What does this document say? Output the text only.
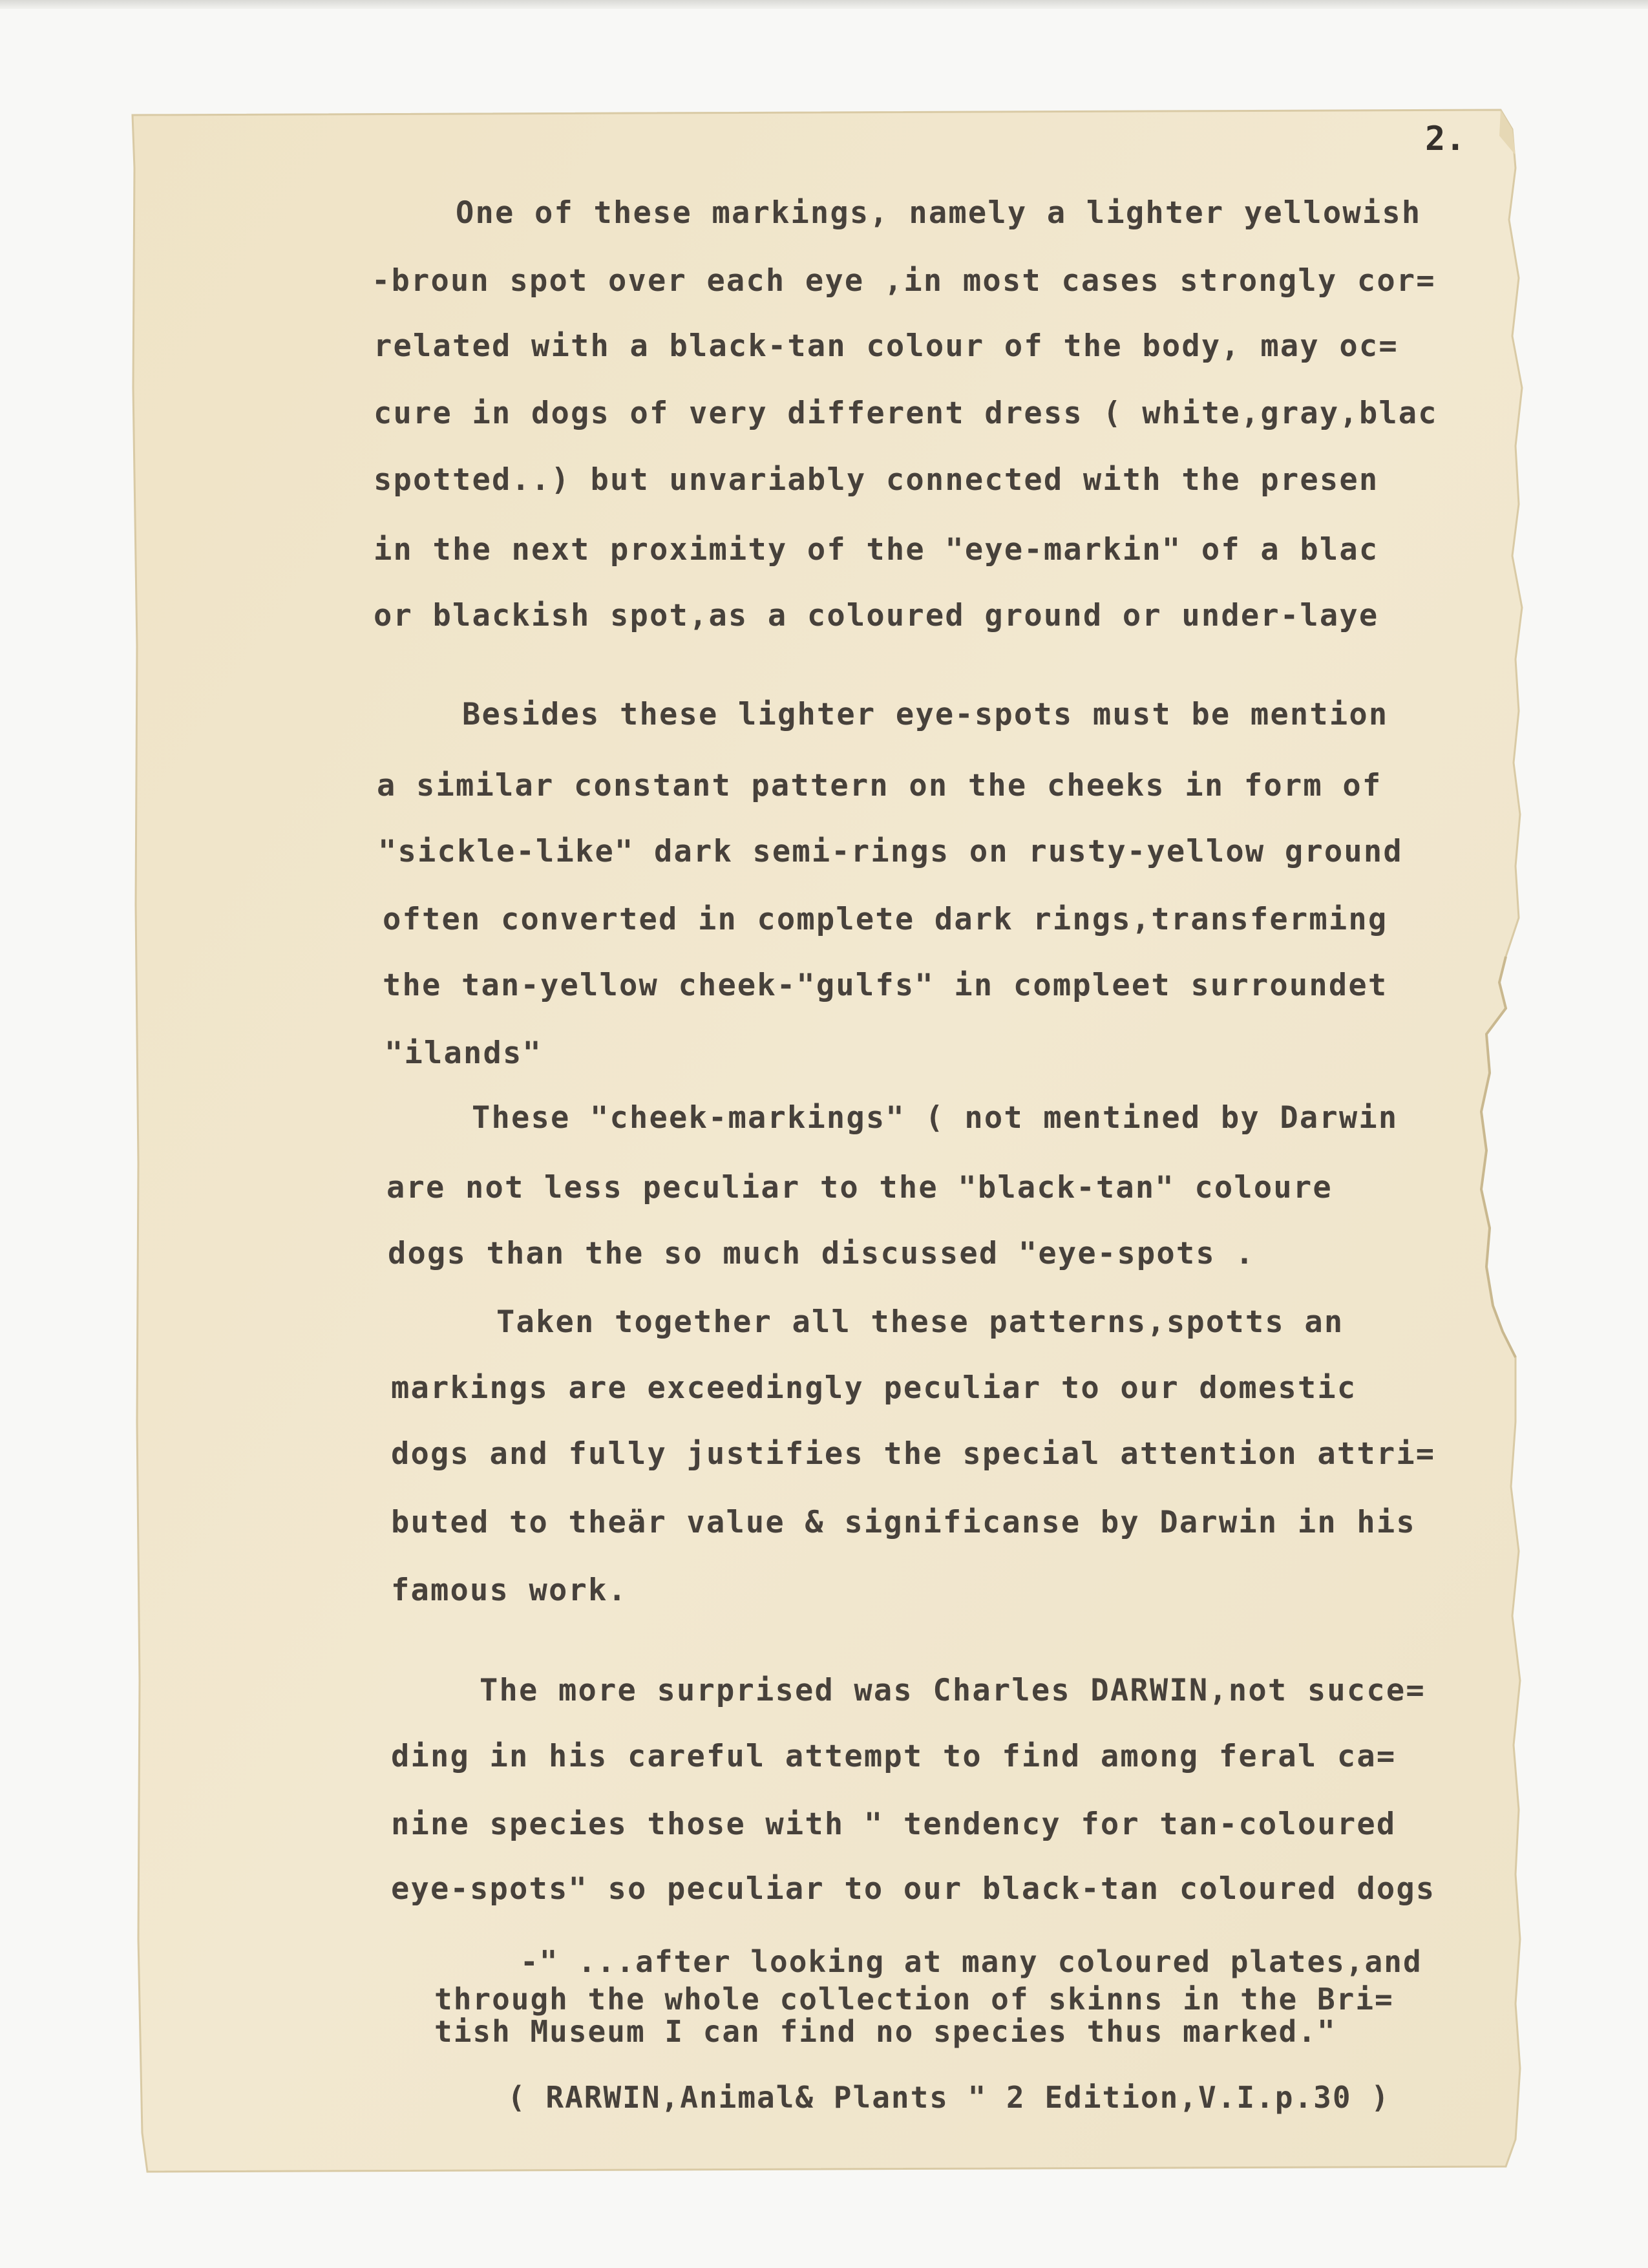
2.
One of these markings, namely a lighter yellowish
-broun spot over each eye ,in most cases strongly cor=
related with a black-tan colour of the body, may oc=
cure in dogs of very different dress ( white,gray,blac
spotted..) but unvariably connected with the presen
in the next proximity of the "eye-markin" of a blac
or blackish spot,as a coloured ground or under-laye
Besides these lighter eye-spots must be mention
a similar constant pattern on the cheeks in form of
"sickle-like" dark semi-rings on rusty-yellow ground
often converted in complete dark rings,transferming
the tan-yellow cheek-"gulfs" in compleet surroundet
"ilands"
These "cheek-markings" ( not mentined by Darwin
are not less peculiar to the "black-tan" coloure
dogs than the so much discussed "eye-spots .
Taken together all these patterns,spotts an
markings are exceedingly peculiar to our domestic
dogs and fully justifies the special attention attri=
buted to theär value & significanse by Darwin in his
famous work.
The more surprised was Charles DARWIN,not succe=
ding in his careful attempt to find among feral ca=
nine species those with " tendency for tan-coloured
eye-spots" so peculiar to our black-tan coloured dogs
-" ...after looking at many coloured plates,and
through the whole collection of skinns in the Bri=
tish Museum I can find no species thus marked."
( RARWIN,Animal& Plants " 2 Edition,V.I.p.30 )
